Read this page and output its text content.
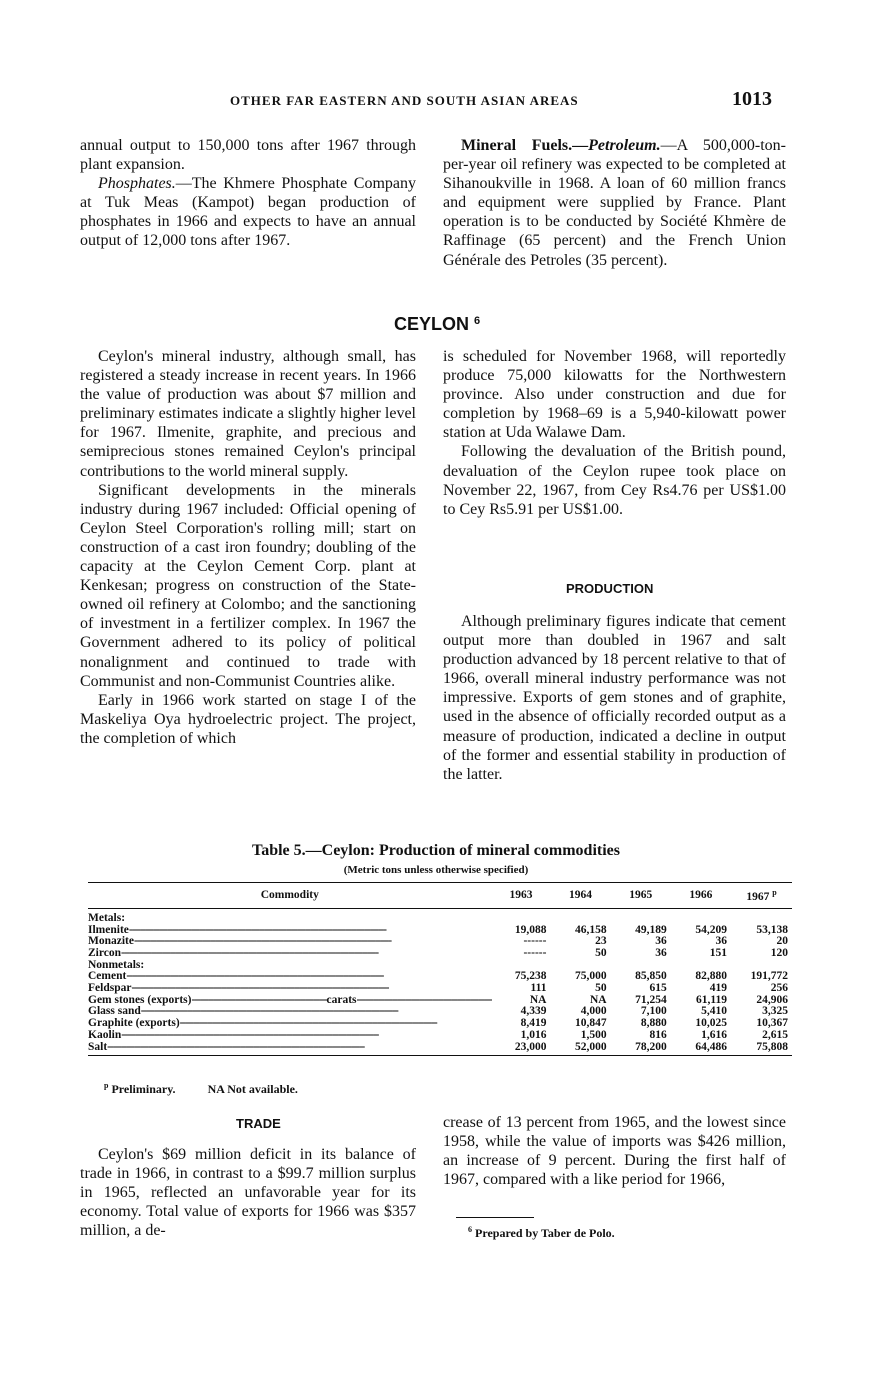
OTHER FAR EASTERN AND SOUTH ASIAN AREAS	1013

annual output to 150,000 tons after 1967 through plant expansion.

Phosphates.—The Khmere Phosphate Company at Tuk Meas (Kampot) began production of phosphates in 1966 and expects to have an annual output of 12,000 tons after 1967.

Mineral Fuels.—Petroleum.—A 500,000-ton-per-year oil refinery was expected to be completed at Sihanoukville in 1968. A loan of 60 million francs and equipment were supplied by France. Plant operation is to be conducted by Société Khmère de Raffinage (65 percent) and the French Union Générale des Petroles (35 percent).

CEYLON $^6$

Ceylon's mineral industry, although small, has registered a steady increase in recent years. In 1966 the value of production was about $7 million and preliminary estimates indicate a slightly higher level for 1967. Ilmenite, graphite, and precious and semiprecious stones remained Ceylon's principal contributions to the world mineral supply.

Significant developments in the minerals industry during 1967 included: Official opening of Ceylon Steel Corporation's rolling mill; start on construction of a cast iron foundry; doubling of the capacity at the Ceylon Cement Corp. plant at Kenkesan; progress on construction of the State-owned oil refinery at Colombo; and the sanctioning of investment in a fertilizer complex. In 1967 the Government adhered to its policy of political nonalignment and continued to trade with Communist and non-Communist Countries alike.

Early in 1966 work started on stage I of the Maskeliya Oya hydroelectric project. The project, the completion of which

is scheduled for November 1968, will reportedly produce 75,000 kilowatts for the Northwestern province. Also under construction and due for completion by 1968–69 is a 5,940-kilowatt power station at Uda Walawe Dam.

Following the devaluation of the British pound, devaluation of the Ceylon rupee took place on November 22, 1967, from Cey Rs4.76 per US$1.00 to Cey Rs5.91 per US$1.00.

PRODUCTION

Although preliminary figures indicate that cement output more than doubled in 1967 and salt production advanced by 18 percent relative to that of 1966, overall mineral industry performance was not impressive. Exports of gem stones and of graphite, used in the absence of officially recorded output as a measure of production, indicated a decline in output of the former and essential stability in production of the latter.

Table 5.—Ceylon: Production of mineral commodities
(Metric tons unless otherwise specified)
Commodity	1963	1964	1965	1966	1967 $^p$
Metals:					

Ilmenite
- - -	19,088	46,158	49,189	54,209	53,138

Monazite
- - -	------	23	36	36	20

Zircon
- - -	------	50	36	151	120
Nonmetals:					

Cement
- - -	75,238	75,000	85,850	82,880	191,772

Feldspar
- - -	111	50	615	419	256

Gem stones (exports) - - - carats
- - -	NA	NA	71,254	61,119	24,906

Glass sand
- - -	4,339	4,000	7,100	5,410	3,325

Graphite (exports)
- - -	8,419	10,847	8,880	10,025	10,367

Kaolin
- - -	1,016	1,500	816	1,616	2,615

Salt
- - -	23,000	52,000	78,200	64,486	75,808
$^p$ Preliminary.	NA Not available.
TRADE

Ceylon's $69 million deficit in its balance of trade in 1966, in contrast to a $99.7 million surplus in 1965, reflected an unfavorable year for its economy. Total value of exports for 1966 was $357 million, a de-

crease of 13 percent from 1965, and the lowest since 1958, while the value of imports was $426 million, an increase of 9 percent. During the first half of 1967, compared with a like period for 1966,

$^6$ Prepared by Taber de Polo.
